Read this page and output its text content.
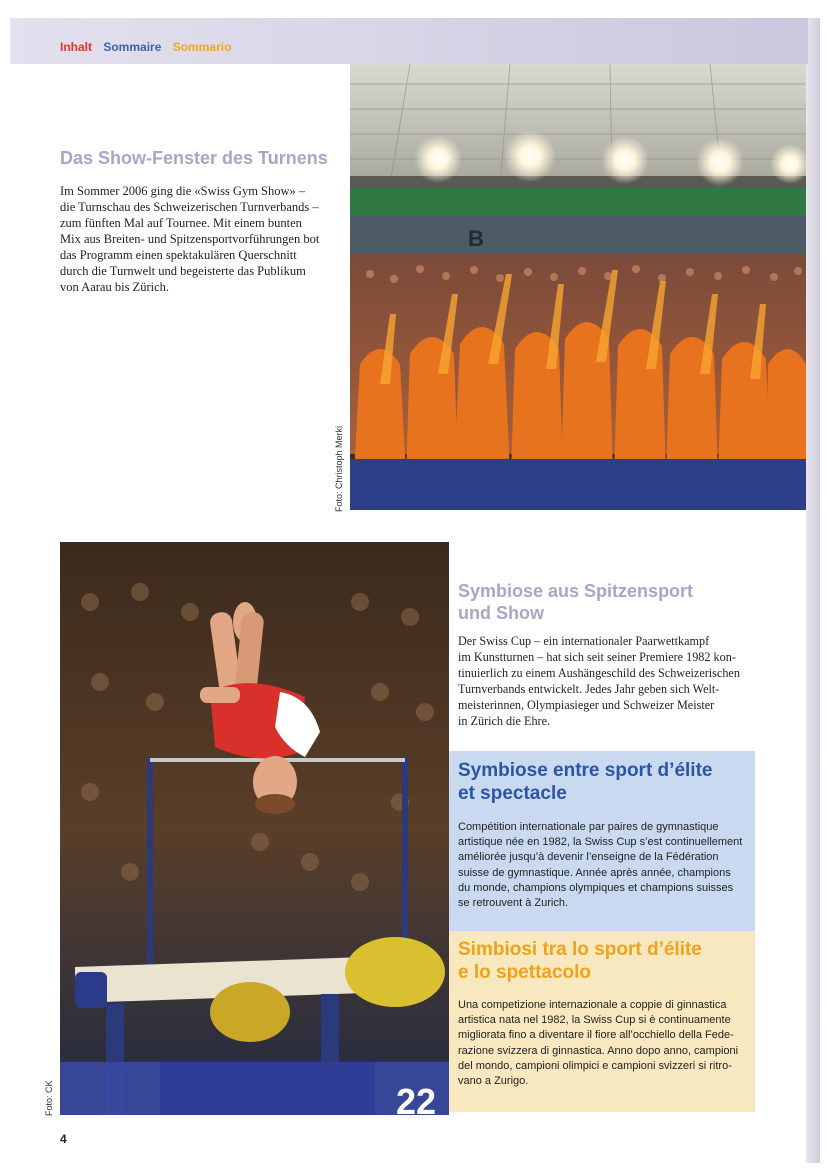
Inhalt Sommaire Sommario
Das Show-Fenster des Turnens
Im Sommer 2006 ging die «Swiss Gym Show» –
die Turnschau des Schweizerischen Turnverbands –
zum fünften Mal auf Tournee. Mit einem bunten
Mix aus Breiten- und Spitzensportvorführungen bot
das Programm einen spektakulären Querschnitt
durch die Turnwelt und begeisterte das Publikum
von Aarau bis Zürich.
B
Foto: Christoph Merki
22
Foto: CK
Symbiose aus Spitzensport
und Show
Der Swiss Cup – ein internationaler Paarwettkampf
im Kunstturnen – hat sich seit seiner Premiere 1982 kon-
tinuierlich zu einem Aushängeschild des Schweizerischen
Turnverbands entwickelt. Jedes Jahr geben sich Welt-
meisterinnen, Olympiasieger und Schweizer Meister
in Zürich die Ehre.
Symbiose entre sport d’élite
et spectacle
Compétition internationale par paires de gymnastique
artistique née en 1982, la Swiss Cup s’est continuellement
améliorée jusqu’à devenir l’enseigne de la Fédération
suisse de gymnastique. Année après année, champions
du monde, champions olympiques et champions suisses
se retrouvent à Zurich.
Simbiosi tra lo sport d’élite
e lo spettacolo
Una competizione internazionale a coppie di ginnastica
artistica nata nel 1982, la Swiss Cup si è continuamente
migliorata fino a diventare il fiore all’occhiello della Fede-
razione svizzera di ginnastica. Anno dopo anno, campioni
del mondo, campioni olimpici e campioni svizzeri si ritro-
vano a Zurigo.
4
